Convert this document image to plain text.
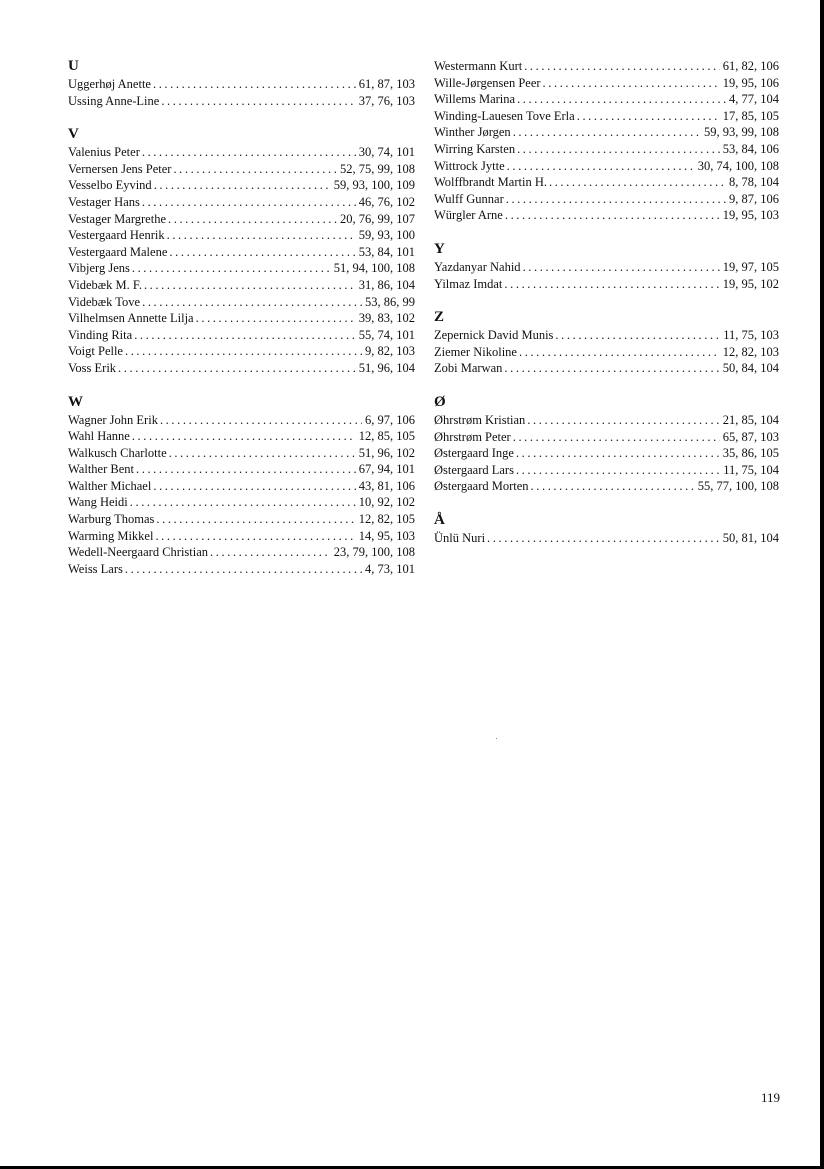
U
Uggerhøj Anette .....	61, 87, 103
Ussing Anne-Line .....	37, 76, 103
V
Valenius Peter .....	30, 74, 101
Vernersen Jens Peter .....	52, 75, 99, 108
Vesselbo Eyvind .....	59, 93, 100, 109
Vestager Hans .....	46, 76, 102
Vestager Margrethe .....	20, 76, 99, 107
Vestergaard Henrik .....	59, 93, 100
Vestergaard Malene .....	53, 84, 101
Vibjerg Jens .....	51, 94, 100, 108
Videbæk M. F. .....	31, 86, 104
Videbæk Tove .....	53, 86, 99
Vilhelmsen Annette Lilja .....	39, 83, 102
Vinding Rita .....	55, 74, 101
Voigt Pelle .....	9, 82, 103
Voss Erik .....	51, 96, 104
W
Wagner John Erik .....	6, 97, 106
Wahl Hanne .....	12, 85, 105
Walkusch Charlotte .....	51, 96, 102
Walther Bent .....	67, 94, 101
Walther Michael .....	43, 81, 106
Wang Heidi .....	10, 92, 102
Warburg Thomas .....	12, 82, 105
Warming Mikkel .....	14, 95, 103
Wedell-Neergaard Christian .....	23, 79, 100, 108
Weiss Lars .....	4, 73, 101
Westermann Kurt .....	61, 82, 106
Wille-Jørgensen Peer .....	19, 95, 106
Willems Marina .....	4, 77, 104
Winding-Lauesen Tove Erla .....	17, 85, 105
Winther Jørgen .....	59, 93, 99, 108
Wirring Karsten .....	53, 84, 106
Wittrock Jytte .....	30, 74, 100, 108
Wolffbrandt Martin H. .....	8, 78, 104
Wulff Gunnar .....	9, 87, 106
Würgler Arne .....	19, 95, 103
Y
Yazdanyar Nahid .....	19, 97, 105
Yilmaz Imdat .....	19, 95, 102
Z
Zepernick David Munis .....	11, 75, 103
Ziemer Nikoline .....	12, 82, 103
Zobi Marwan .....	50, 84, 104
Ø
Øhrstrøm Kristian .....	21, 85, 104
Øhrstrøm Peter .....	65, 87, 103
Østergaard Inge .....	35, 86, 105
Østergaard Lars .....	11, 75, 104
Østergaard Morten .....	55, 77, 100, 108
Å
Ünlü Nuri .....	50, 81, 104
119
